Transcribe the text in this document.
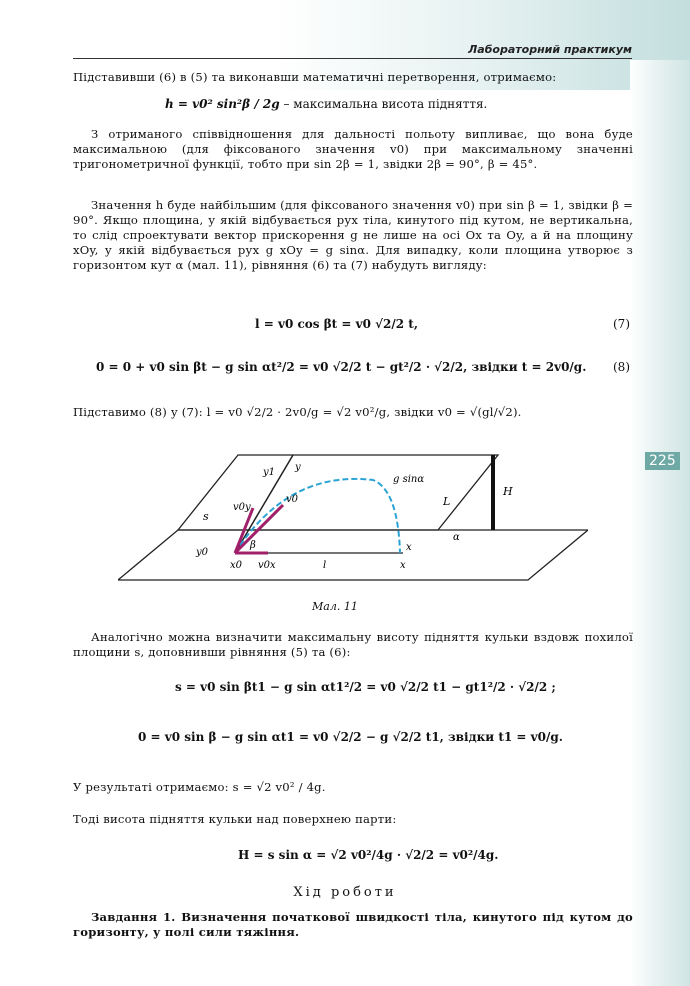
Лабораторний практикум
225
Підставивши (6) в (5) та виконавши математичні перетворення, отримаємо:
h = v0² sin²β / 2g – максимальна висота підняття.
З отриманого співвідношення для дальності польоту випливає, що вона буде максимальною (для фіксованого значення v0) при максимальному значенні тригонометричної функції, тобто при sin 2β = 1, звідки 2β = 90°, β = 45°.
Значення h буде найбільшим (для фіксованого значення v0) при sin β = 1, звідки β = 90°. Якщо площина, у якій відбувається рух тіла, кинутого під кутом, не вертикальна, то слід спроектувати вектор прискорення g не лише на осі Ox та Oy, а й на площину xOy, у якій відбувається рух g xOy = g sinα. Для випадку, коли площина утворює з горизонтом кут α (мал. 11), рівняння (6) та (7) набудуть вигляду:
l = v0 cos βt = v0 √2/2 t,	(7)
0 = 0 + v0 sin βt − g sin αt²/2 = v0 √2/2 t − gt²/2 · √2/2, звідки t = 2v0/g. (8)
Підставимо (8) у (7): l = v0 √2/2 · 2v0/g = √2 v0²/g, звідки v0 = √(gl/√2).
g sinα
L
H
s
y1 y
v0y
v0
x
x
l
y0
x0 v0x
β
α
Мал. 11
Аналогічно можна визначити максимальну висоту підняття кульки вздовж похилої площини s, доповнивши рівняння (5) та (6):
s = v0 sin βt1 − g sin αt1²/2 = v0 √2/2 t1 − gt1²/2 · √2/2 ;
0 = v0 sin β − g sin αt1 = v0 √2/2 − g √2/2 t1, звідки t1 = v0/g.
У результаті отримаємо: s = √2 v0² / 4g.
Тоді висота підняття кульки над поверхнею парти:
H = s sin α = √2 v0²/4g · √2/2 = v0²/4g.
Хід роботи
Завдання 1. Визначення початкової швидкості тіла, кинутого під кутом до горизонту, у полі сили тяжіння.
